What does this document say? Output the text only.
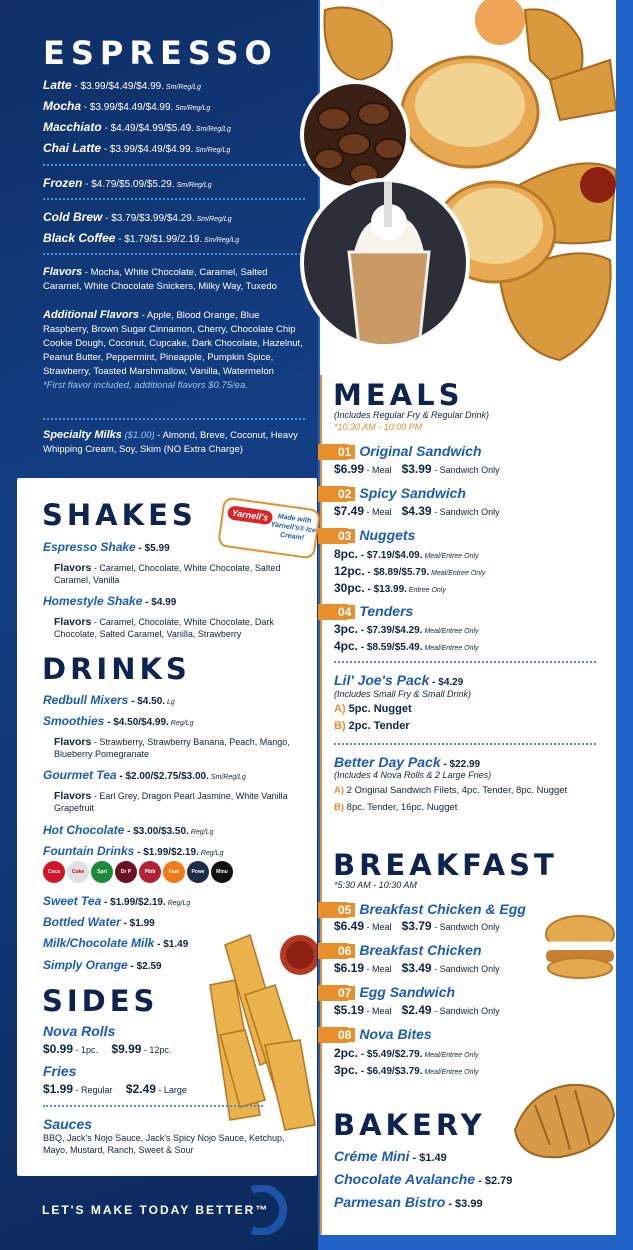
ESPRESSO
Latte - $3.99/$4.49/$4.99. Sm/Reg/Lg
Mocha - $3.99/$4.49/$4.99. Sm/Reg/Lg
Macchiato - $4.49/$4.99/$5.49. Sm/Reg/Lg
Chai Latte - $3.99/$4.49/$4.99. Sm/Reg/Lg
Frozen - $4.79/$5.09/$5.29. Sm/Reg/Lg
Cold Brew - $3.79/$3.99/$4.29. Sm/Reg/Lg
Black Coffee - $1.79/$1.99/2.19. Sm/Reg/Lg
Flavors - Mocha, White Chocolate, Caramel, Salted Caramel, White Chocolate Snickers, Milky Way, Tuxedo
Additional Flavors - Apple, Blood Orange, Blue Raspberry, Brown Sugar Cinnamon, Cherry, Chocolate Chip Cookie Dough, Coconut, Cupcake, Dark Chocolate, Hazelnut, Peanut Butter, Peppermint, Pineapple, Pumpkin Spice, Strawberry, Toasted Marshmallow, Vanilla, Watermelon
*First flavor included, additional flavors $0.75/ea.
Specialty Milks ($1.00) - Almond, Breve, Coconut, Heavy Whipping Cream, Soy, Skim (NO Extra Charge)
SHAKES	Yarnell's	Made with Yarnell's® Ice Cream!
Espresso Shake - $5.99
Flavors - Caramel, Chocolate, White Chocolate, Salted Caramel, Vanilla
Homestyle Shake - $4.99
Flavors - Caramel, Chocolate, White Chocolate, Dark Chocolate, Salted Caramel, Vanilla, Strawberry
DRINKS
Redbull Mixers - $4.50. Lg
Smoothies - $4.50/$4.99. Reg/Lg
Flavors - Strawberry, Strawberry Banana, Peach, Mango, Blueberry Pomegranate
Gourmet Tea - $2.00/$2.75/$3.00. Sm/Reg/Lg
Flavors - Earl Grey, Dragon Pearl Jasmine, White Vanilla Grapefruit
Hot Chocolate - $3.00/$3.50. Reg/Lg
Fountain Drinks - $1.99/$2.19. Reg/Lg
Coca Coke	Spri	Dr P	Pibb	Fant Powe Minu
Sweet Tea - $1.99/$2.19. Reg/Lg
Bottled Water - $1.99
Milk/Chocolate Milk - $1.49
Simply Orange - $2.59
SIDES
Nova Rolls
$0.99 - 1pc. $9.99 - 12pc.
Fries
$1.99 - Regular $2.49 - Large
Sauces
BBQ, Jack's Nojo Sauce, Jack's Spicy Nojo Sauce, Ketchup, Mayo, Mustard, Ranch, Sweet & Sour
LET'S MAKE TODAY BETTER™
MEALS
(Includes Regular Fry & Regular Drink)
*10:30 AM - 10:00 PM
01 Original Sandwich
$6.99 - Meal $3.99 - Sandwich Only
02 Spicy Sandwich
$7.49 - Meal $4.39 - Sandwich Only
03 Nuggets
8pc. - $7.19/$4.09. Meal/Entree Only
12pc. - $8.89/$5.79. Meal/Entree Only
30pc. - $13.99. Entree Only
04 Tenders
3pc. - $7.39/$4.29. Meal/Entree Only
4pc. - $8.59/$5.49. Meal/Entree Only
Lil' Joe's Pack - $4.29
(Includes Small Fry & Small Drink)
A) 5pc. Nugget
B) 2pc. Tender
Better Day Pack - $22.99
(Includes 4 Nova Rolls & 2 Large Fries)
A) 2 Original Sandwich Filets, 4pc. Tender, 8pc. Nugget
B) 8pc. Tender, 16pc. Nugget
BREAKFAST
*5:30 AM - 10:30 AM
05 Breakfast Chicken & Egg
$6.49 - Meal $3.79 - Sandwich Only
06 Breakfast Chicken
$6.19 - Meal $3.49 - Sandwich Only
07 Egg Sandwich
$5.19 - Meal $2.49 - Sandwich Only
08 Nova Bites
2pc. - $5.49/$2.79. Meal/Entree Only
3pc. - $6.49/$3.79. Meal/Entree Only
BAKERY
Créme Mini - $1.49
Chocolate Avalanche - $2.79
Parmesan Bistro - $3.99
